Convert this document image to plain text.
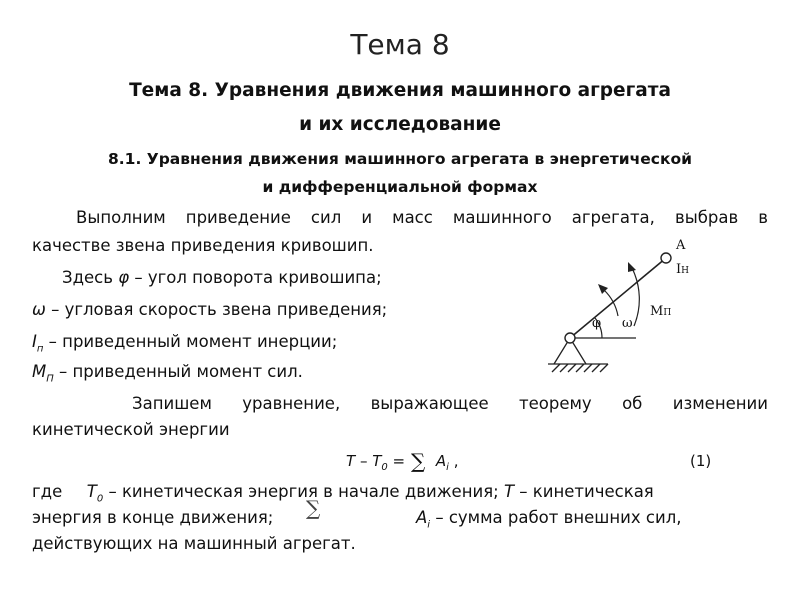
Тема 8
Тема 8. Уравнения движения машинного агрегата
и их исследование
8.1. Уравнения движения машинного агрегата в энергетической
и дифференциальной формах
Выполним приведение сил и масс машинного агрегата, выбрав в
качестве звена приведения кривошип.
Здесь φ – угол поворота кривошипа;
ω – угловая скорость звена приведения;
$I_п$ – приведенный момент инерции;
$M_П$ – приведенный момент сил.
Запишем уравнение, выражающее теорему об изменении
кинетической энергии
$T - T_0 = A_i$ ,
∑	(1)
где $T_0$ – кинетическая энергия в начале движения; T – кинетическая
энергия в конце движения;	$A_i$ – сумма работ внешних сил,
∑
действующих на машинный агрегат.
A
IН
φ ω
MП
